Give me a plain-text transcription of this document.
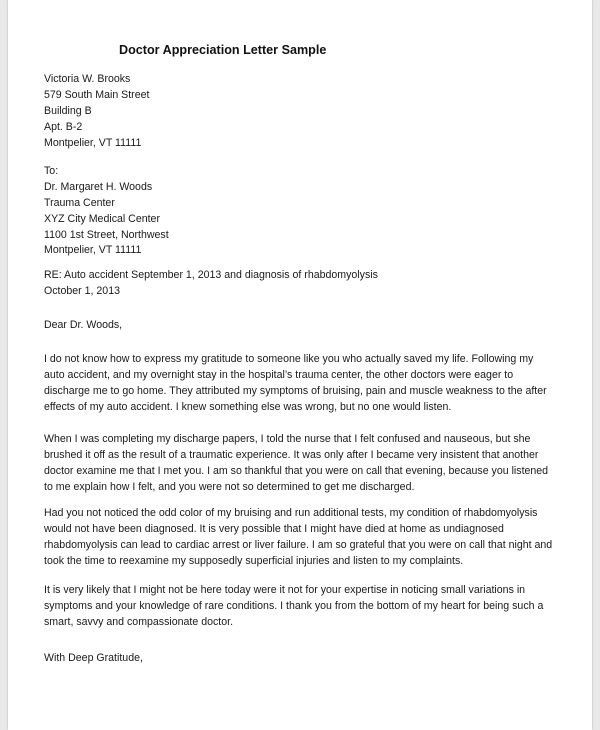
Doctor Appreciation Letter Sample
Victoria W. Brooks
579 South Main Street
Building B
Apt. B-2
Montpelier, VT 11111
To:
Dr. Margaret H. Woods
Trauma Center
XYZ City Medical Center
1100 1st Street, Northwest
Montpelier, VT 11111
RE: Auto accident September 1, 2013 and diagnosis of rhabdomyolysis
October 1, 2013
Dear Dr. Woods,
I do not know how to express my gratitude to someone like you who actually saved my life. Following my
auto accident, and my overnight stay in the hospital’s trauma center, the other doctors were eager to
discharge me to go home. They attributed my symptoms of bruising, pain and muscle weakness to the after
effects of my auto accident. I knew something else was wrong, but no one would listen.
When I was completing my discharge papers, I told the nurse that I felt confused and nauseous, but she
brushed it off as the result of a traumatic experience. It was only after I became very insistent that another
doctor examine me that I met you. I am so thankful that you were on call that evening, because you listened
to me explain how I felt, and you were not so determined to get me discharged.
Had you not noticed the odd color of my bruising and run additional tests, my condition of rhabdomyolysis
would not have been diagnosed. It is very possible that I might have died at home as undiagnosed
rhabdomyolysis can lead to cardiac arrest or liver failure. I am so grateful that you were on call that night and
took the time to reexamine my supposedly superficial injuries and listen to my complaints.
It is very likely that I might not be here today were it not for your expertise in noticing small variations in
symptoms and your knowledge of rare conditions. I thank you from the bottom of my heart for being such a
smart, savvy and compassionate doctor.
With Deep Gratitude,
